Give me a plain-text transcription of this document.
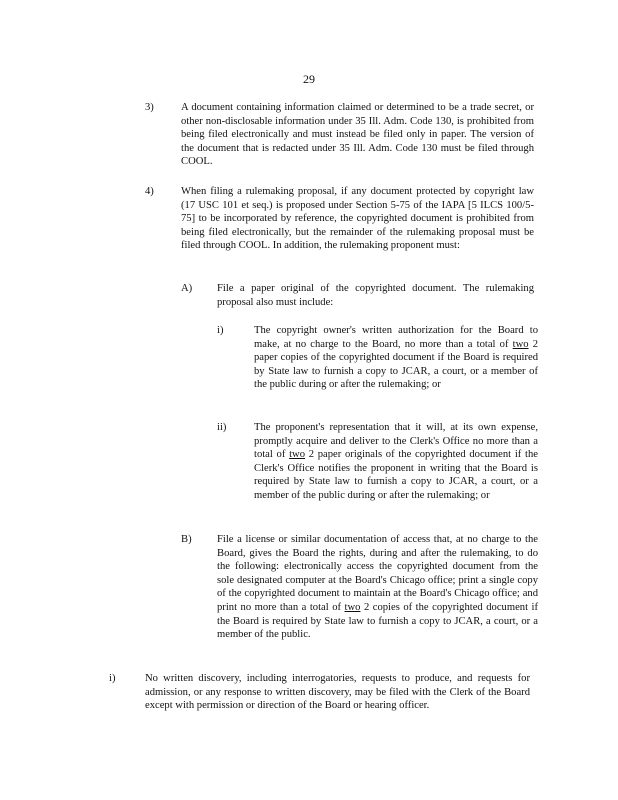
29
3)	A document containing information claimed or determined to be a trade secret, or other non-disclosable information under 35 Ill. Adm. Code 130, is prohibited from being filed electronically and must instead be filed only in paper. The version of the document that is redacted under 35 Ill. Adm. Code 130 must be filed through COOL.
4)	When filing a rulemaking proposal, if any document protected by copyright law (17 USC 101 et seq.) is proposed under Section 5-75 of the IAPA [5 ILCS 100/5-75] to be incorporated by reference, the copyrighted document is prohibited from being filed electronically, but the remainder of the rulemaking proposal must be filed through COOL. In addition, the rulemaking proponent must:
A) File a paper original of the copyrighted document. The rulemaking proposal also must include:
i)	The copyright owner's written authorization for the Board to make, at no charge to the Board, no more than a total of two 2 paper copies of the copyrighted document if the Board is required by State law to furnish a copy to JCAR, a court, or a member of the public during or after the rulemaking; or
ii)	The proponent's representation that it will, at its own expense, promptly acquire and deliver to the Clerk's Office no more than a total of two 2 paper originals of the copyrighted document if the Clerk's Office notifies the proponent in writing that the Board is required by State law to furnish a copy to JCAR, a court, or a member of the public during or after the rulemaking; or
B) File a license or similar documentation of access that, at no charge to the Board, gives the Board the rights, during and after the rulemaking, to do the following: electronically access the copyrighted document from the sole designated computer at the Board's Chicago office; print a single copy of the copyrighted document to maintain at the Board's Chicago office; and print no more than a total of two 2 copies of the copyrighted document if the Board is required by State law to furnish a copy to JCAR, a court, or a member of the public.
i)	No written discovery, including interrogatories, requests to produce, and requests for admission, or any response to written discovery, may be filed with the Clerk of the Board except with permission or direction of the Board or hearing officer.
